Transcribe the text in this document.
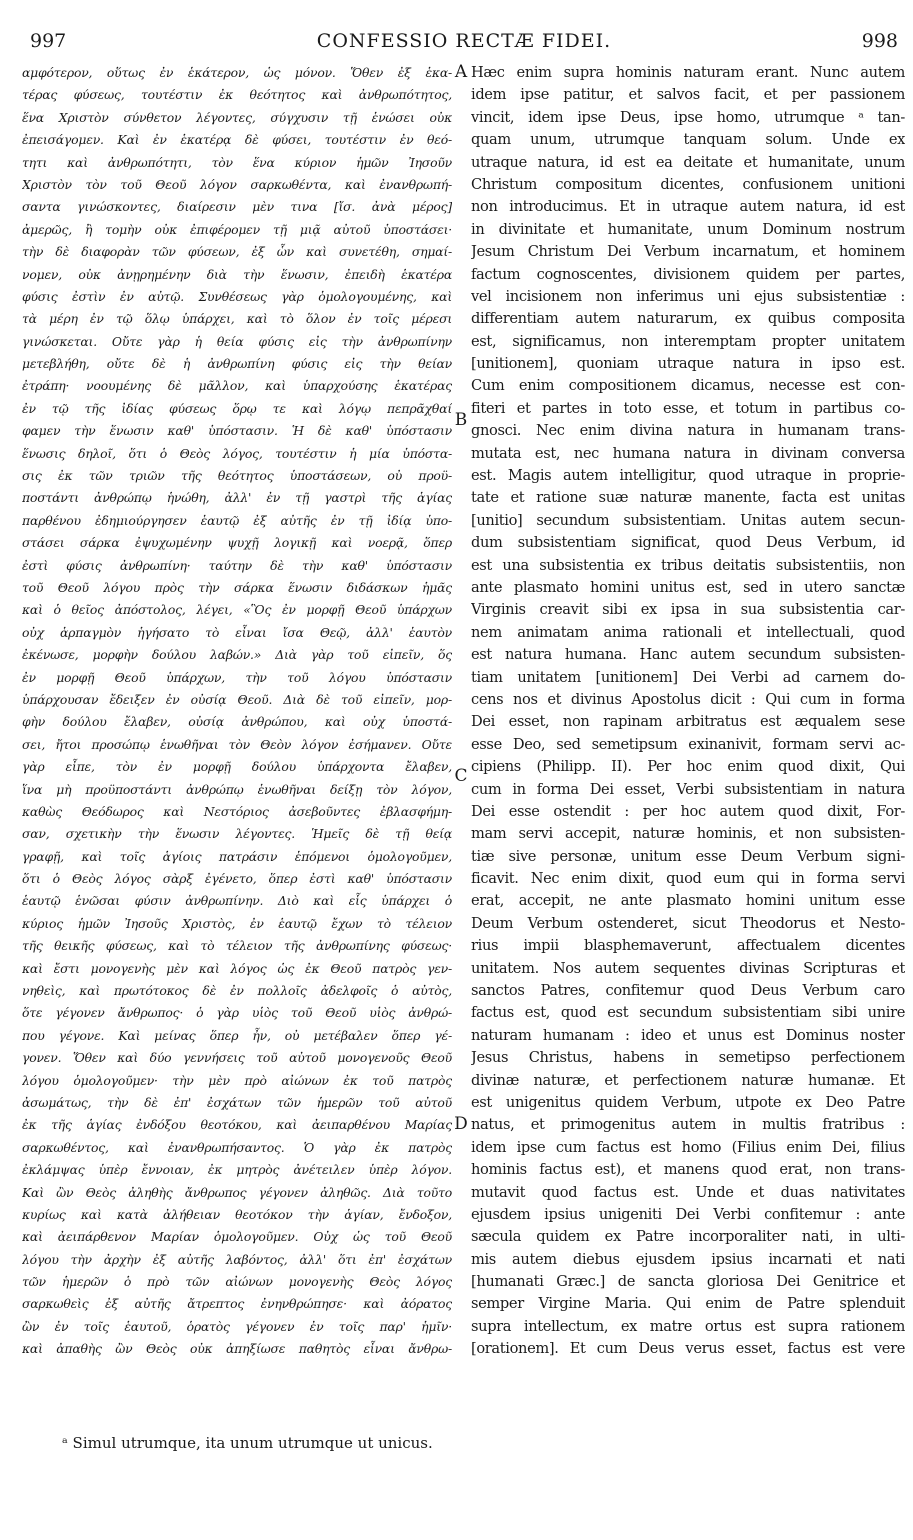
997	CONFESSIO RECTÆ FIDEI.	998
αμφότερον, οὕτως ἐν ἑκάτερον, ὡς μόνον. Ὅθεν ἐξ ἑκα-
τέρας φύσεως, τουτέστιν ἐκ θεότητος καὶ ἀνθρωπότητος,
ἕνα Χριστὸν σύνθετον λέγοντες, σύγχυσιν τῇ ἑνώσει οὐκ
ἐπεισάγομεν. Καὶ ἐν ἑκατέρᾳ δὲ φύσει, τουτέστιν ἐν θεό-
τητι καὶ ἀνθρωπότητι, τὸν ἕνα κύριον ἡμῶν Ἰησοῦν
Χριστὸν τὸν τοῦ Θεοῦ λόγον σαρκωθέντα, καὶ ἐνανθρωπή-
σαντα γινώσκοντες, διαίρεσιν μὲν τινα [ἴσ. ἀνὰ μέρος]
ἀμερῶς, ἢ τομὴν οὐκ ἐπιφέρομεν τῇ μιᾷ αὐτοῦ ὑποστάσει·
τὴν δὲ διαφορὰν τῶν φύσεων, ἐξ ὧν καὶ συνετέθη, σημαί-
νομεν, οὐκ ἀνῃρημένην διὰ τὴν ἕνωσιν, ἐπειδὴ ἑκατέρα
φύσις ἐστὶν ἐν αὐτῷ. Συνθέσεως γὰρ ὁμολογουμένης, καὶ
τὰ μέρη ἐν τῷ ὅλῳ ὑπάρχει, καὶ τὸ ὅλον ἐν τοῖς μέρεσι
γινώσκεται. Οὔτε γὰρ ἡ θεία φύσις εἰς τὴν ἀνθρωπίνην
μετεβλήθη, οὔτε δὲ ἡ ἀνθρωπίνη φύσις εἰς τὴν θείαν
ἐτράπη· νοουμένης δὲ μᾶλλον, καὶ ὑπαρχούσης ἑκατέρας
ἐν τῷ τῆς ἰδίας φύσεως ὅρῳ τε καὶ λόγῳ πεπρᾶχθαί
φαμεν τὴν ἕνωσιν καθ' ὑπόστασιν. Ἡ δὲ καθ' ὑπόστασιν
ἕνωσις δηλοῖ, ὅτι ὁ Θεὸς λόγος, τουτέστιν ἡ μία ὑπόστα-
σις ἐκ τῶν τριῶν τῆς θεότητος ὑποστάσεων, οὐ προϋ-
ποστάντι ἀνθρώπῳ ἡνώθη, ἀλλ' ἐν τῇ γαστρὶ τῆς ἁγίας
παρθένου ἐδημιούργησεν ἑαυτῷ ἐξ αὐτῆς ἐν τῇ ἰδίᾳ ὑπο-
στάσει σάρκα ἐψυχωμένην ψυχῇ λογικῇ καὶ νοερᾷ, ὅπερ
ἐστὶ φύσις ἀνθρωπίνη· ταύτην δὲ τὴν καθ' ὑπόστασιν
τοῦ Θεοῦ λόγου πρὸς τὴν σάρκα ἕνωσιν διδάσκων ἡμᾶς
καὶ ὁ θεῖος ἀπόστολος, λέγει, «Ὃς ἐν μορφῇ Θεοῦ ὑπάρχων
οὐχ ἁρπαγμὸν ἡγήσατο τὸ εἶναι ἴσα Θεῷ, ἀλλ' ἑαυτὸν
ἐκένωσε, μορφὴν δούλου λαβών.» Διὰ γὰρ τοῦ εἰπεῖν, ὅς
ἐν μορφῇ Θεοῦ ὑπάρχων, τὴν τοῦ λόγου ὑπόστασιν
ὑπάρχουσαν ἔδειξεν ἐν οὐσίᾳ Θεοῦ. Διὰ δὲ τοῦ εἰπεῖν, μορ-
φὴν δούλου ἔλαβεν, οὐσίᾳ ἀνθρώπου, καὶ οὐχ ὑποστά-
σει, ἤτοι προσώπῳ ἑνωθῆναι τὸν Θεὸν λόγον ἐσήμανεν. Οὔτε
γὰρ εἶπε, τὸν ἐν μορφῇ δούλου ὑπάρχοντα ἔλαβεν,
ἵνα μὴ προϋποστάντι ἀνθρώπῳ ἑνωθῆναι δείξῃ τὸν λόγον,
καθὼς Θεόδωρος καὶ Νεστόριος ἀσεβοῦντες ἐβλασφήμη-
σαν, σχετικὴν τὴν ἕνωσιν λέγοντες. Ἡμεῖς δὲ τῇ θείᾳ
γραφῇ, καὶ τοῖς ἁγίοις πατράσιν ἑπόμενοι ὁμολογοῦμεν,
ὅτι ὁ Θεὸς λόγος σὰρξ ἐγένετο, ὅπερ ἐστὶ καθ' ὑπόστασιν
ἑαυτῷ ἑνῶσαι φύσιν ἀνθρωπίνην. Διὸ καὶ εἷς ὑπάρχει ὁ
κύριος ἡμῶν Ἰησοῦς Χριστὸς, ἐν ἑαυτῷ ἔχων τὸ τέλειον
τῆς θεικῆς φύσεως, καὶ τὸ τέλειον τῆς ἀνθρωπίνης φύσεως·
καὶ ἔστι μονογενὴς μὲν καὶ λόγος ὡς ἐκ Θεοῦ πατρὸς γεν-
νηθεὶς, καὶ πρωτότοκος δὲ ἐν πολλοῖς ἀδελφοῖς ὁ αὐτὸς,
ὅτε γέγονεν ἄνθρωπος· ὁ γὰρ υἱὸς τοῦ Θεοῦ υἱὸς ἀνθρώ-
που γέγονε. Καὶ μείνας ὅπερ ἦν, οὐ μετέβαλεν ὅπερ γέ-
γονεν. Ὅθεν καὶ δύο γεννήσεις τοῦ αὐτοῦ μονογενοῦς Θεοῦ
λόγου ὁμολογοῦμεν· τὴν μὲν πρὸ αἰώνων ἐκ τοῦ πατρὸς
ἀσωμάτως, τὴν δὲ ἐπ' ἐσχάτων τῶν ἡμερῶν τοῦ αὐτοῦ
ἐκ τῆς ἁγίας ἐνδόξου θεοτόκου, καὶ ἀειπαρθένου Μαρίας
σαρκωθέντος, καὶ ἐνανθρωπήσαντος. Ὁ γὰρ ἐκ πατρὸς
ἐκλάμψας ὑπὲρ ἔννοιαν, ἐκ μητρὸς ἀνέτειλεν ὑπὲρ λόγον.
Καὶ ὢν Θεὸς ἀληθὴς ἄνθρωπος γέγονεν ἀληθῶς. Διὰ τοῦτο
κυρίως καὶ κατὰ ἀλήθειαν θεοτόκον τὴν ἁγίαν, ἔνδοξον,
καὶ ἀειπάρθενον Μαρίαν ὁμολογοῦμεν. Οὐχ ὡς τοῦ Θεοῦ
λόγου τὴν ἀρχὴν ἐξ αὐτῆς λαβόντος, ἀλλ' ὅτι ἐπ' ἐσχάτων
τῶν ἡμερῶν ὁ πρὸ τῶν αἰώνων μονογενὴς Θεὸς λόγος
σαρκωθεὶς ἐξ αὐτῆς ἄτρεπτος ἐνηνθρώπησε· καὶ ἀόρατος
ὢν ἐν τοῖς ἑαυτοῦ, ὁρατὸς γέγονεν ἐν τοῖς παρ' ἡμῖν·
καὶ ἀπαθὴς ὢν Θεὸς οὐκ ἀπηξίωσε παθητὸς εἶναι ἄνθρω-
A
B
C
D
Hæc enim supra hominis naturam erant. Nunc autem
idem ipse patitur, et salvos facit, et per passionem
vincit, idem ipse Deus, ipse homo, utrumque ᵃ tan-
quam unum, utrumque tanquam solum. Unde ex
utraque natura, id est ea deitate et humanitate, unum
Christum compositum dicentes, confusionem unitioni
non introducimus. Et in utraque autem natura, id est
in divinitate et humanitate, unum Dominum nostrum
Jesum Christum Dei Verbum incarnatum, et hominem
factum cognoscentes, divisionem quidem per partes,
vel incisionem non inferimus uni ejus subsistentiæ :
differentiam autem naturarum, ex quibus composita
est, significamus, non interemptam propter unitatem
[unitionem], quoniam utraque natura in ipso est.
Cum enim compositionem dicamus, necesse est con-
fiteri et partes in toto esse, et totum in partibus co-
gnosci. Nec enim divina natura in humanam trans-
mutata est, nec humana natura in divinam conversa
est. Magis autem intelligitur, quod utraque in proprie-
tate et ratione suæ naturæ manente, facta est unitas
[unitio] secundum subsistentiam. Unitas autem secun-
dum subsistentiam significat, quod Deus Verbum, id
est una subsistentia ex tribus deitatis subsistentiis, non
ante plasmato homini unitus est, sed in utero sanctæ
Virginis creavit sibi ex ipsa in sua subsistentia car-
nem animatam anima rationali et intellectuali, quod
est natura humana. Hanc autem secundum subsisten-
tiam unitatem [unitionem] Dei Verbi ad carnem do-
cens nos et divinus Apostolus dicit : Qui cum in forma
Dei esset, non rapinam arbitratus est æqualem sese
esse Deo, sed semetipsum exinanivit, formam servi ac-
cipiens (Philipp. II). Per hoc enim quod dixit, Qui
cum in forma Dei esset, Verbi subsistentiam in natura
Dei esse ostendit : per hoc autem quod dixit, For-
mam servi accepit, naturæ hominis, et non subsisten-
tiæ sive personæ, unitum esse Deum Verbum signi-
ficavit. Nec enim dixit, quod eum qui in forma servi
erat, accepit, ne ante plasmato homini unitum esse
Deum Verbum ostenderet, sicut Theodorus et Nesto-
rius impii blasphemaverunt, affectualem dicentes
unitatem. Nos autem sequentes divinas Scripturas et
sanctos Patres, confitemur quod Deus Verbum caro
factus est, quod est secundum subsistentiam sibi unire
naturam humanam : ideo et unus est Dominus noster
Jesus Christus, habens in semetipso perfectionem
divinæ naturæ, et perfectionem naturæ humanæ. Et
est unigenitus quidem Verbum, utpote ex Deo Patre
natus, et primogenitus autem in multis fratribus :
idem ipse cum factus est homo (Filius enim Dei, filius
hominis factus est), et manens quod erat, non trans-
mutavit quod factus est. Unde et duas nativitates
ejusdem ipsius unigeniti Dei Verbi confitemur : ante
sæcula quidem ex Patre incorporaliter nati, in ulti-
mis autem diebus ejusdem ipsius incarnati et nati
[humanati Græc.] de sancta gloriosa Dei Genitrice et
semper Virgine Maria. Qui enim de Patre splenduit
supra intellectum, ex matre ortus est supra rationem
[orationem]. Et cum Deus verus esset, factus est vere
ᵃ Simul utrumque, ita unum utrumque ut unicus.
